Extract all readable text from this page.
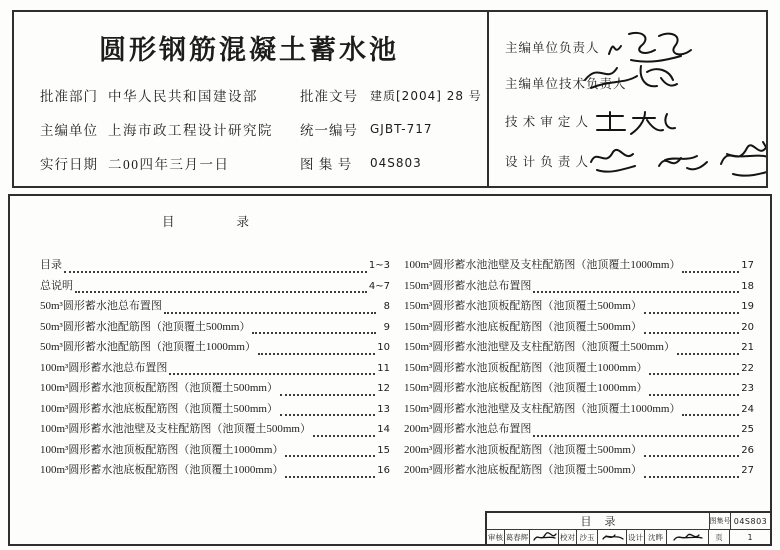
圆形钢筋混凝土蓄水池
批准部门 中华人民共和国建设部	批准文号	建质[2004] 28 号
主编单位 上海市政工程设计研究院	统一编号	GJBT-717
实行日期 二00四年三月一日	图 集 号	04S803
主编单位负责人
主编单位技术负责人
技 术 审 定 人
设 计 负 责 人
目录
目录	1~3
总说明	4~7
50m³圆形蓄水池总布置图	8
50m³圆形蓄水池配筋图（池顶覆土500mm）	9
50m³圆形蓄水池配筋图（池顶覆土1000mm）	10
100m³圆形蓄水池总布置图	11
100m³圆形蓄水池顶板配筋图（池顶覆土500mm）	12
100m³圆形蓄水池底板配筋图（池顶覆土500mm）	13
100m³圆形蓄水池池壁及支柱配筋图（池顶覆土500mm）	14
100m³圆形蓄水池顶板配筋图（池顶覆土1000mm）	15
100m³圆形蓄水池底板配筋图（池顶覆土1000mm）	16
100m³圆形蓄水池池壁及支柱配筋图（池顶覆土1000mm）	17
150m³圆形蓄水池总布置图	18
150m³圆形蓄水池顶板配筋图（池顶覆土500mm）	19
150m³圆形蓄水池底板配筋图（池顶覆土500mm）	20
150m³圆形蓄水池池壁及支柱配筋图（池顶覆土500mm）	21
150m³圆形蓄水池顶板配筋图（池顶覆土1000mm）	22
150m³圆形蓄水池底板配筋图（池顶覆土1000mm）	23
150m³圆形蓄水池池壁及支柱配筋图（池顶覆土1000mm）	24
200m³圆形蓄水池总布置图	25
200m³圆形蓄水池顶板配筋图（池顶覆土500mm）	26
200m³圆形蓄水池底板配筋图（池顶覆土500mm）	27
目录	图集号 04S803
审核 葛春辉	校对 沙玉	设计 沈晔	页	1
